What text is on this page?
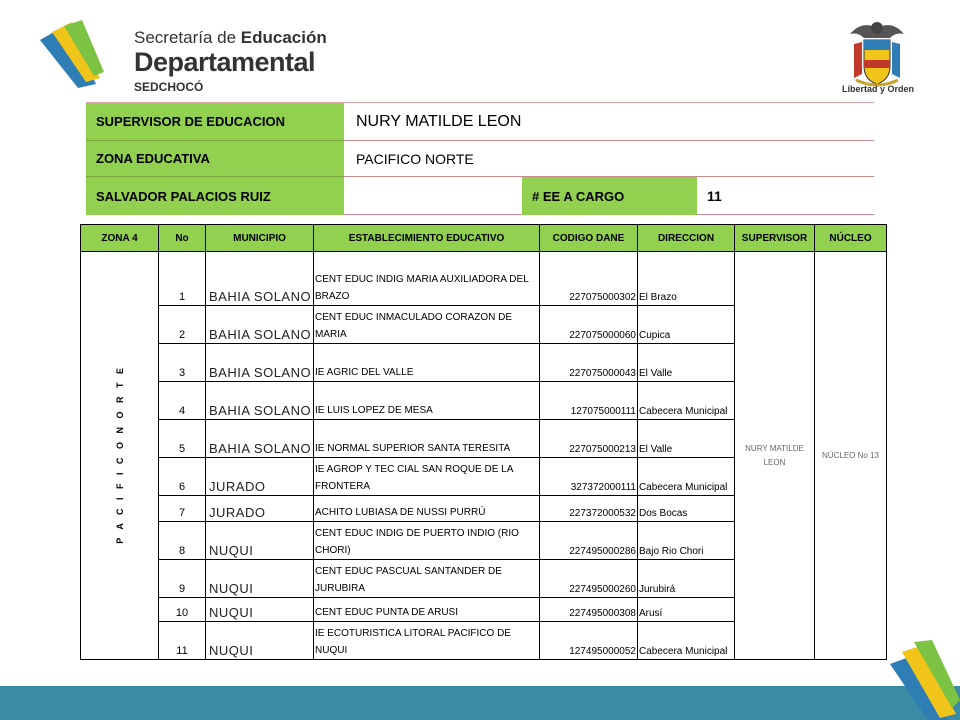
Secretaría de Educación
Departamental
SEDCHOCÓ	Libertad y Orden
SUPERVISOR DE EDUCACION	NURY MATILDE LEON
ZONA EDUCATIVA	PACIFICO NORTE
SALVADOR PALACIOS RUIZ	# EE A CARGO	11
ZONA 4	No	MUNICIPIO	ESTABLECIMIENTO EDUCATIVO	CODIGO DANE	DIRECCION	SUPERVISOR	NÚCLEO
P A C I F I C O N O R T E	1	BAHIA SOLANO	CENT EDUC INDIG MARIA AUXILIADORA DEL BRAZO	227075000302	El Brazo	NURY MATILDE LEON	NÚCLEO No 13
	2	BAHIA SOLANO	CENT EDUC INMACULADO CORAZON DE MARIA	227075000060	Cupica		
	3	BAHIA SOLANO	IE AGRIC DEL VALLE	227075000043	El Valle		
	4	BAHIA SOLANO	IE LUIS LOPEZ DE MESA	127075000111	Cabecera Municipal		
	5	BAHIA SOLANO	IE NORMAL SUPERIOR SANTA TERESITA	227075000213	El Valle		
	6	JURADO	IE AGROP Y TEC CIAL SAN ROQUE DE LA FRONTERA	327372000111	Cabecera Municipal		
	7	JURADO	ACHITO LUBIASA DE NUSSI PURRÚ	227372000532	Dos Bocas		
	8	NUQUI	CENT EDUC INDIG DE PUERTO INDIO (RIO CHORI)	227495000286	Bajo Rio Chori		
	9	NUQUI	CENT EDUC PASCUAL SANTANDER DE JURUBIRA	227495000260	Jurubirá		
	10	NUQUI	CENT EDUC PUNTA DE ARUSI	227495000308	Arusí		
	11	NUQUI	IE ECOTURISTICA LITORAL PACIFICO DE NUQUI	127495000052	Cabecera Municipal		
